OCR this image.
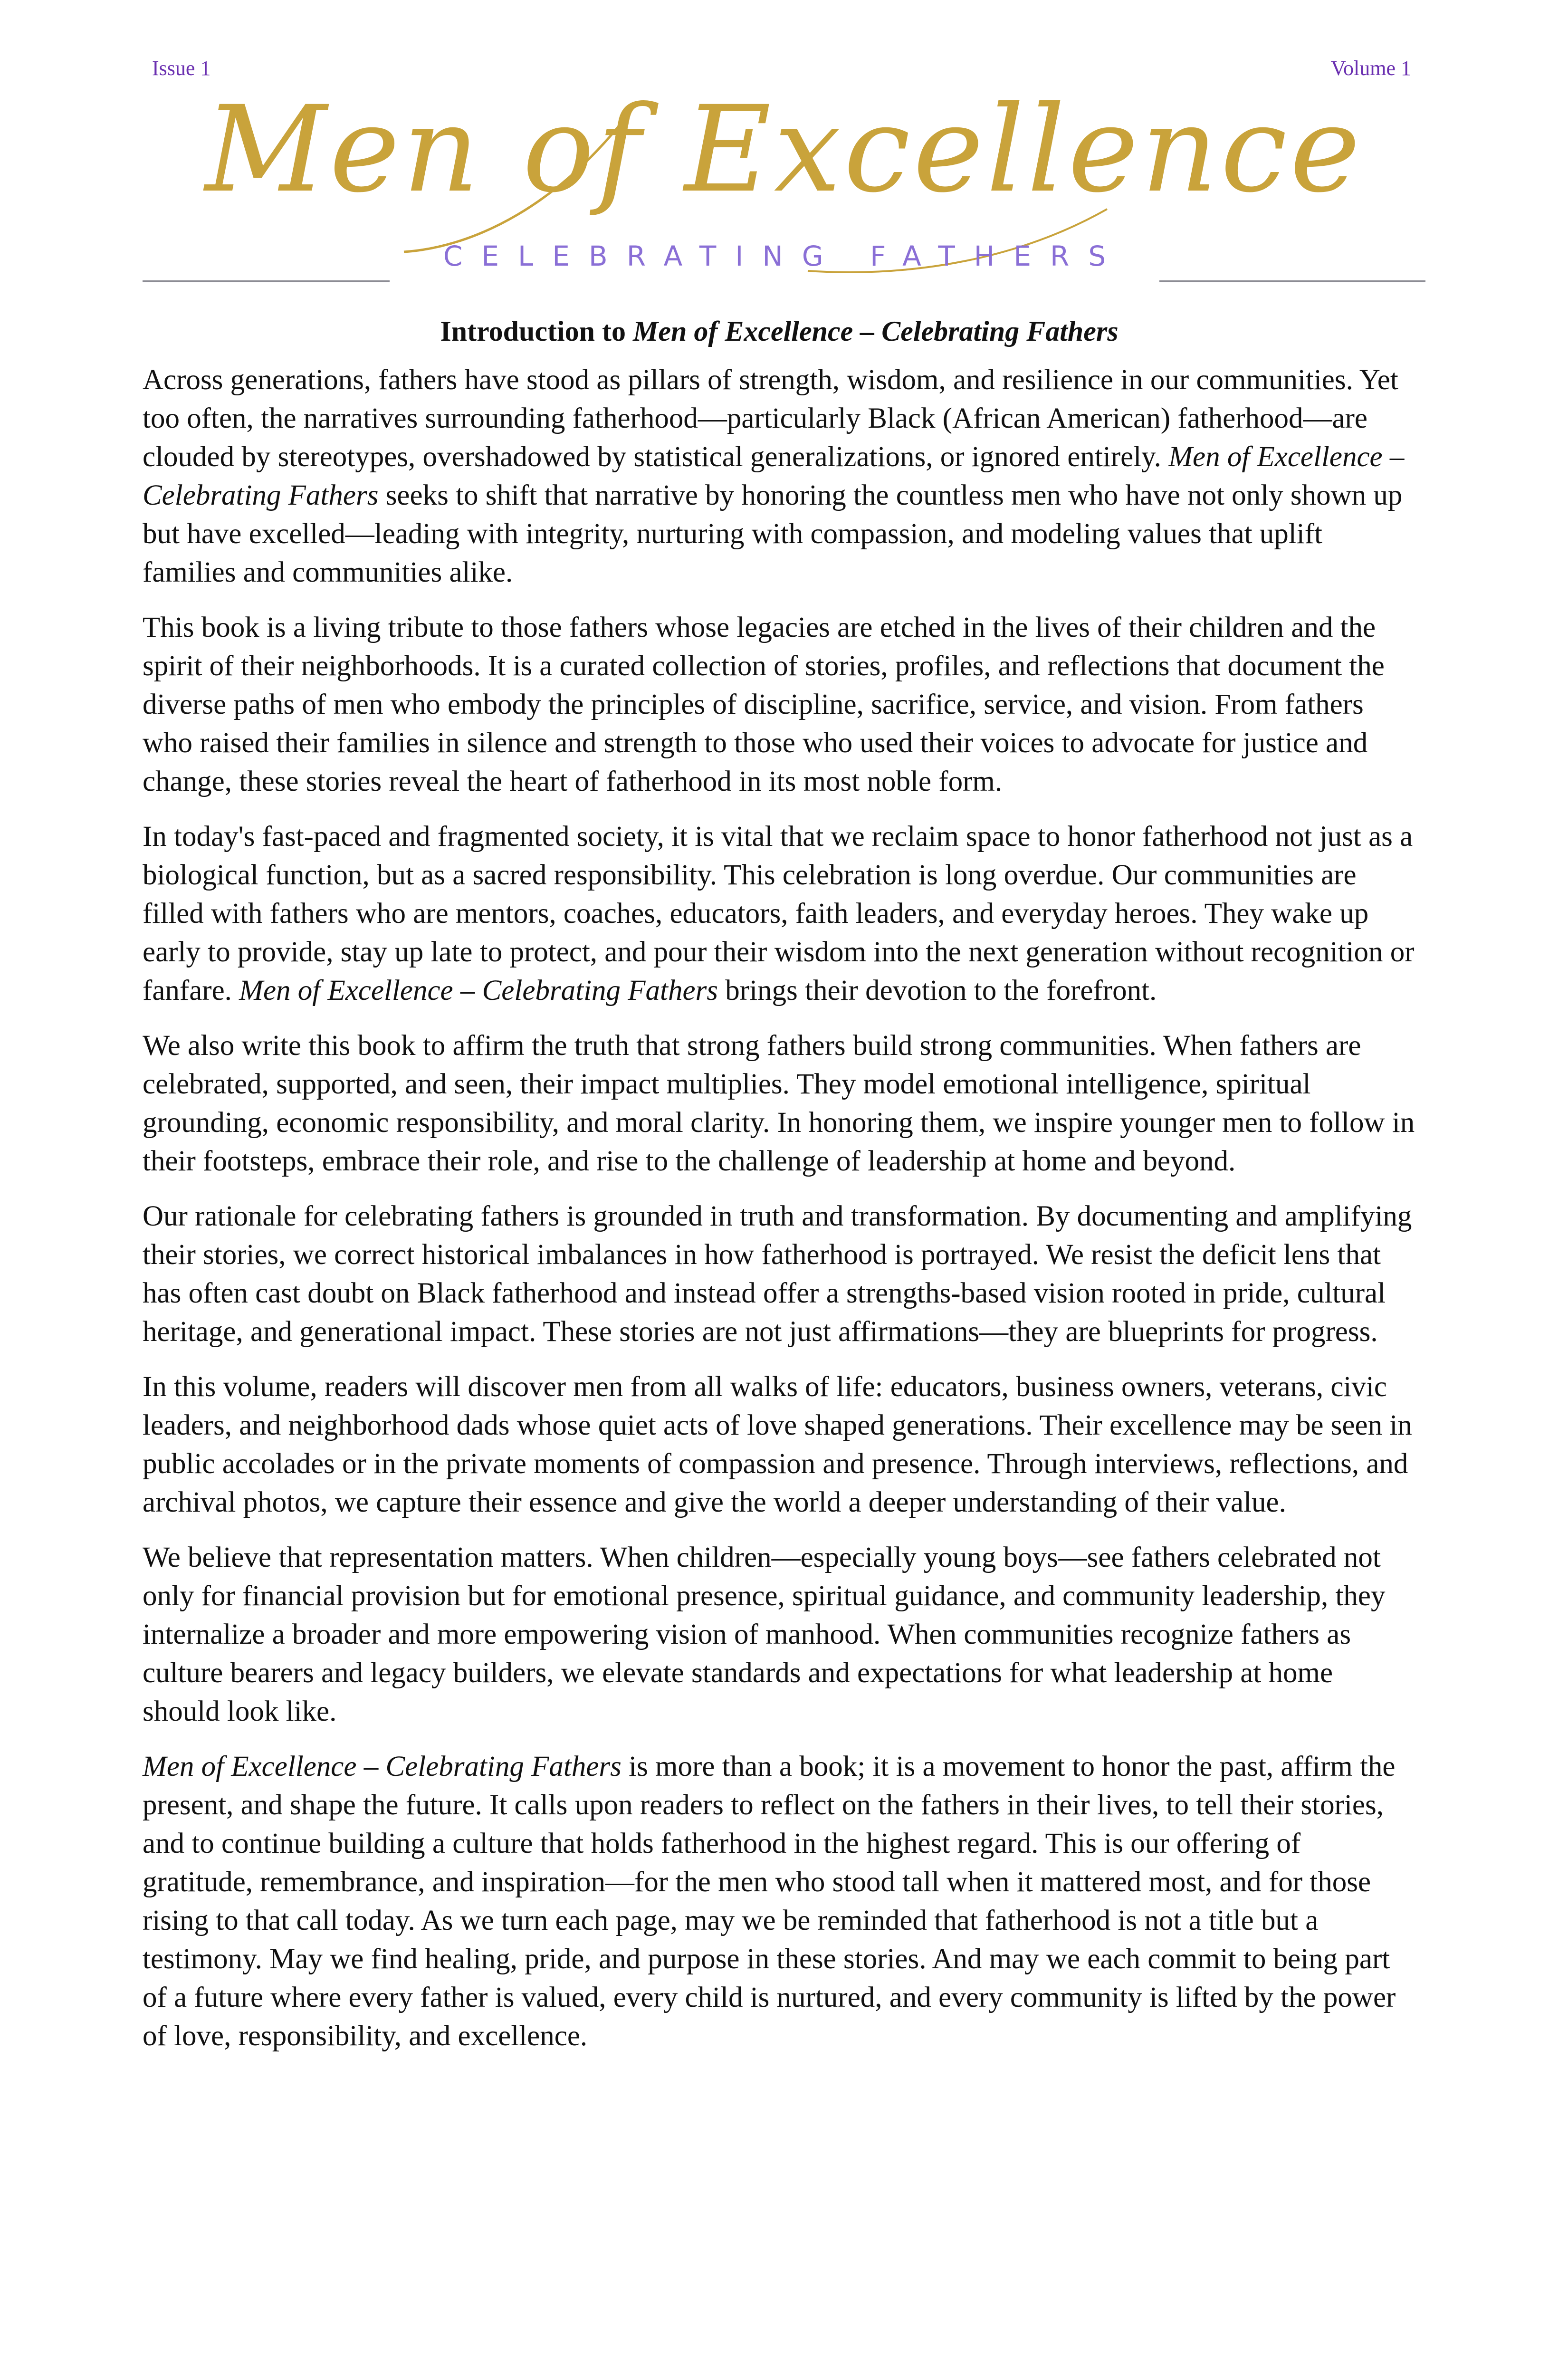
Issue 1	Volume 1
Men of Excellence
CELEBRATING FATHERS
Introduction to Men of Excellence – Celebrating Fathers

Across generations, fathers have stood as pillars of strength, wisdom, and resilience in our communities. Yet too often, the narratives surrounding fatherhood—particularly Black (African American) fatherhood—are clouded by stereotypes, overshadowed by statistical generalizations, or ignored entirely. Men of Excellence – Celebrating Fathers seeks to shift that narrative by honoring the countless men who have not only shown up but have excelled—leading with integrity, nurturing with compassion, and modeling values that uplift families and communities alike.

This book is a living tribute to those fathers whose legacies are etched in the lives of their children and the spirit of their neighborhoods. It is a curated collection of stories, profiles, and reflections that document the diverse paths of men who embody the principles of discipline, sacrifice, service, and vision. From fathers who raised their families in silence and strength to those who used their voices to advocate for justice and change, these stories reveal the heart of fatherhood in its most noble form.

In today's fast-paced and fragmented society, it is vital that we reclaim space to honor fatherhood not just as a biological function, but as a sacred responsibility. This celebration is long overdue. Our communities are filled with fathers who are mentors, coaches, educators, faith leaders, and everyday heroes. They wake up early to provide, stay up late to protect, and pour their wisdom into the next generation without recognition or fanfare. Men of Excellence – Celebrating Fathers brings their devotion to the forefront.

We also write this book to affirm the truth that strong fathers build strong communities. When fathers are celebrated, supported, and seen, their impact multiplies. They model emotional intelligence, spiritual grounding, economic responsibility, and moral clarity. In honoring them, we inspire younger men to follow in their footsteps, embrace their role, and rise to the challenge of leadership at home and beyond.

Our rationale for celebrating fathers is grounded in truth and transformation. By documenting and amplifying their stories, we correct historical imbalances in how fatherhood is portrayed. We resist the deficit lens that has often cast doubt on Black fatherhood and instead offer a strengths-based vision rooted in pride, cultural heritage, and generational impact. These stories are not just affirmations—they are blueprints for progress.

In this volume, readers will discover men from all walks of life: educators, business owners, veterans, civic leaders, and neighborhood dads whose quiet acts of love shaped generations. Their excellence may be seen in public accolades or in the private moments of compassion and presence. Through interviews, reflections, and archival photos, we capture their essence and give the world a deeper understanding of their value.

We believe that representation matters. When children—especially young boys—see fathers celebrated not only for financial provision but for emotional presence, spiritual guidance, and community leadership, they internalize a broader and more empowering vision of manhood. When communities recognize fathers as culture bearers and legacy builders, we elevate standards and expectations for what leadership at home should look like.

Men of Excellence – Celebrating Fathers is more than a book; it is a movement to honor the past, affirm the present, and shape the future. It calls upon readers to reflect on the fathers in their lives, to tell their stories, and to continue building a culture that holds fatherhood in the highest regard. This is our offering of gratitude, remembrance, and inspiration—for the men who stood tall when it mattered most, and for those rising to that call today. As we turn each page, may we be reminded that fatherhood is not a title but a testimony. May we find healing, pride, and purpose in these stories. And may we each commit to being part of a future where every father is valued, every child is nurtured, and every community is lifted by the power of love, responsibility, and excellence.
